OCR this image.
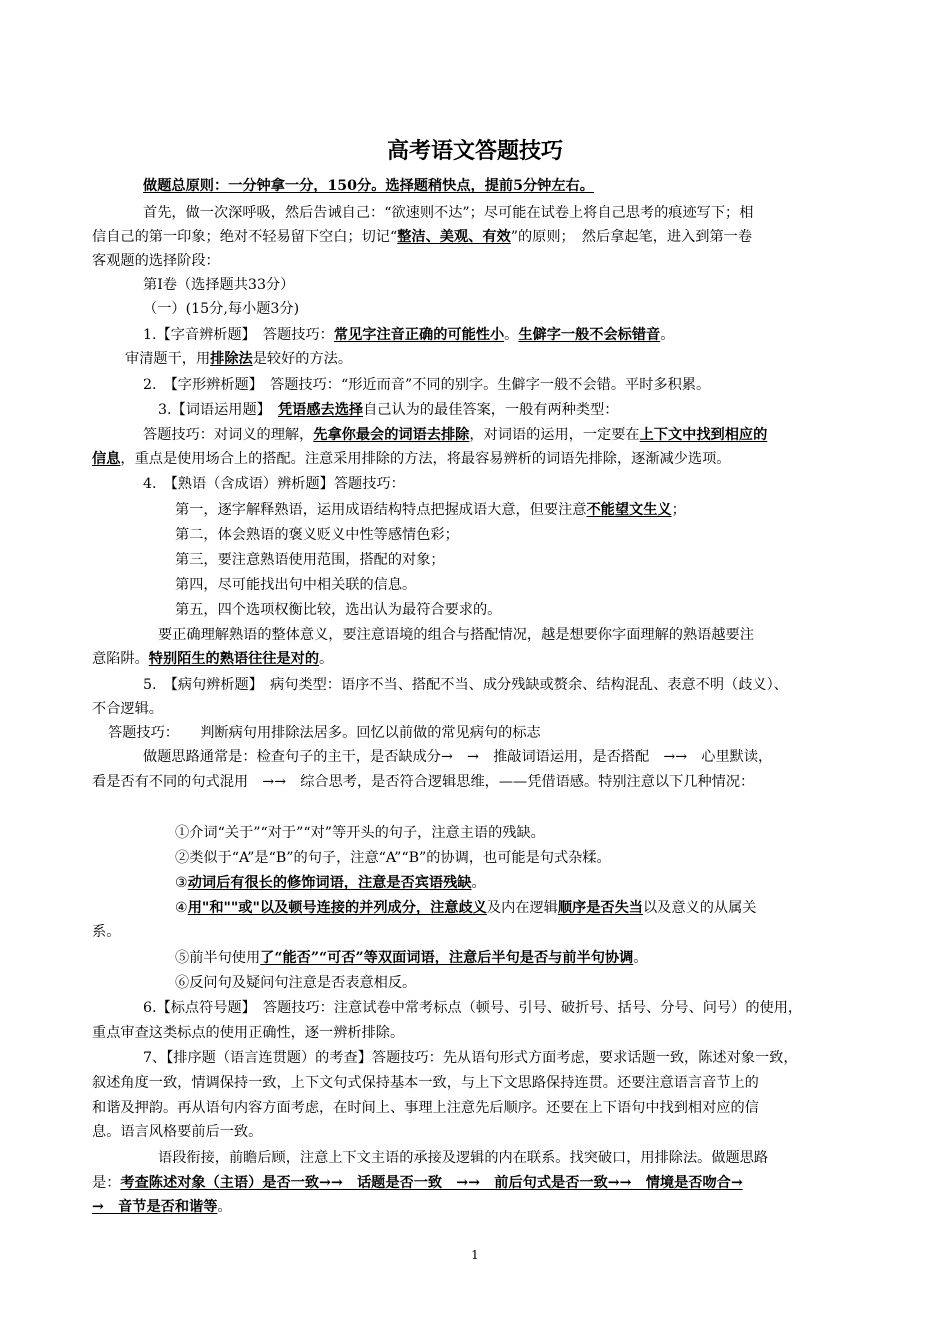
高考语文答题技巧
做题总原则：一分钟拿一分，150分。选择题稍快点，提前5分钟左右。
首先，做一次深呼吸，然后告诫自己：“欲速则不达”；尽可能在试卷上将自己思考的痕迹写下；相
信自己的第一印象；绝对不轻易留下空白；切记“整洁、美观、有效”的原则；　然后拿起笔，进入到第一卷
客观题的选择阶段：
第Ⅰ卷（选择题共33分）
（一）(15分,每小题3分)
1.【字音辨析题】　答题技巧：常见字注音正确的可能性小。生僻字一般不会标错音。
审清题干，用排除法是较好的方法。
2.　【字形辨析题】　答题技巧：“形近而音”不同的别字。生僻字一般不会错。平时多积累。
3.【词语运用题】　凭语感去选择自己认为的最佳答案，一般有两种类型：
答题技巧：对词义的理解，先拿你最会的词语去排除，对词语的运用，一定要在上下文中找到相应的
信息，重点是使用场合上的搭配。注意采用排除的方法，将最容易辨析的词语先排除，逐渐减少选项。
4.　【熟语（含成语）辨析题】答题技巧：
第一，逐字解释熟语，运用成语结构特点把握成语大意，但要注意不能望文生义；
第二，体会熟语的褒义贬义中性等感情色彩；
第三，要注意熟语使用范围，搭配的对象；
第四，尽可能找出句中相关联的信息。
第五，四个选项权衡比较，选出认为最符合要求的。
要正确理解熟语的整体意义，要注意语境的组合与搭配情况，越是想要你字面理解的熟语越要注
意陷阱。特别陌生的熟语往往是对的。
5.　【病句辨析题】　病句类型：语序不当、搭配不当、成分残缺或赘余、结构混乱、表意不明（歧义）、
不合逻辑。
答题技巧：　　判断病句用排除法居多。回忆以前做的常见病句的标志
做题思路通常是：检查句子的主干，是否缺成分→　→　推敲词语运用，是否搭配　→→　心里默读，
看是否有不同的句式混用　→→　综合思考，是否符合逻辑思维，——凭借语感。特别注意以下几种情况：
①介词“关于”“对于”“对”等开头的句子，注意主语的残缺。
②类似于“A”是“B”的句子，注意“A”“B”的协调，也可能是句式杂糅。
③动词后有很长的修饰词语，注意是否宾语残缺。
④用"和""或"以及顿号连接的并列成分，注意歧义及内在逻辑顺序是否失当以及意义的从属关
系。
⑤前半句使用了“能否”“可否”等双面词语，注意后半句是否与前半句协调。
⑥反问句及疑问句注意是否表意相反。
6.【标点符号题】　答题技巧：注意试卷中常考标点（顿号、引号、破折号、括号、分号、问号）的使用，
重点审查这类标点的使用正确性，逐一辨析排除。
7、【排序题（语言连贯题）的考查】答题技巧：先从语句形式方面考虑，要求话题一致，陈述对象一致，
叙述角度一致，情调保持一致，上下文句式保持基本一致，与上下文思路保持连贯。还要注意语言音节上的
和谐及押韵。再从语句内容方面考虑，在时间上、事理上注意先后顺序。还要在上下语句中找到相对应的信
息。语言风格要前后一致。
语段衔接，前瞻后顾，注意上下文主语的承接及逻辑的内在联系。找突破口，用排除法。做题思路
是：考查陈述对象（主语）是否一致→→　话题是否一致　→→　前后句式是否一致→→　情境是否吻合→
→　音节是否和谐等。
1
